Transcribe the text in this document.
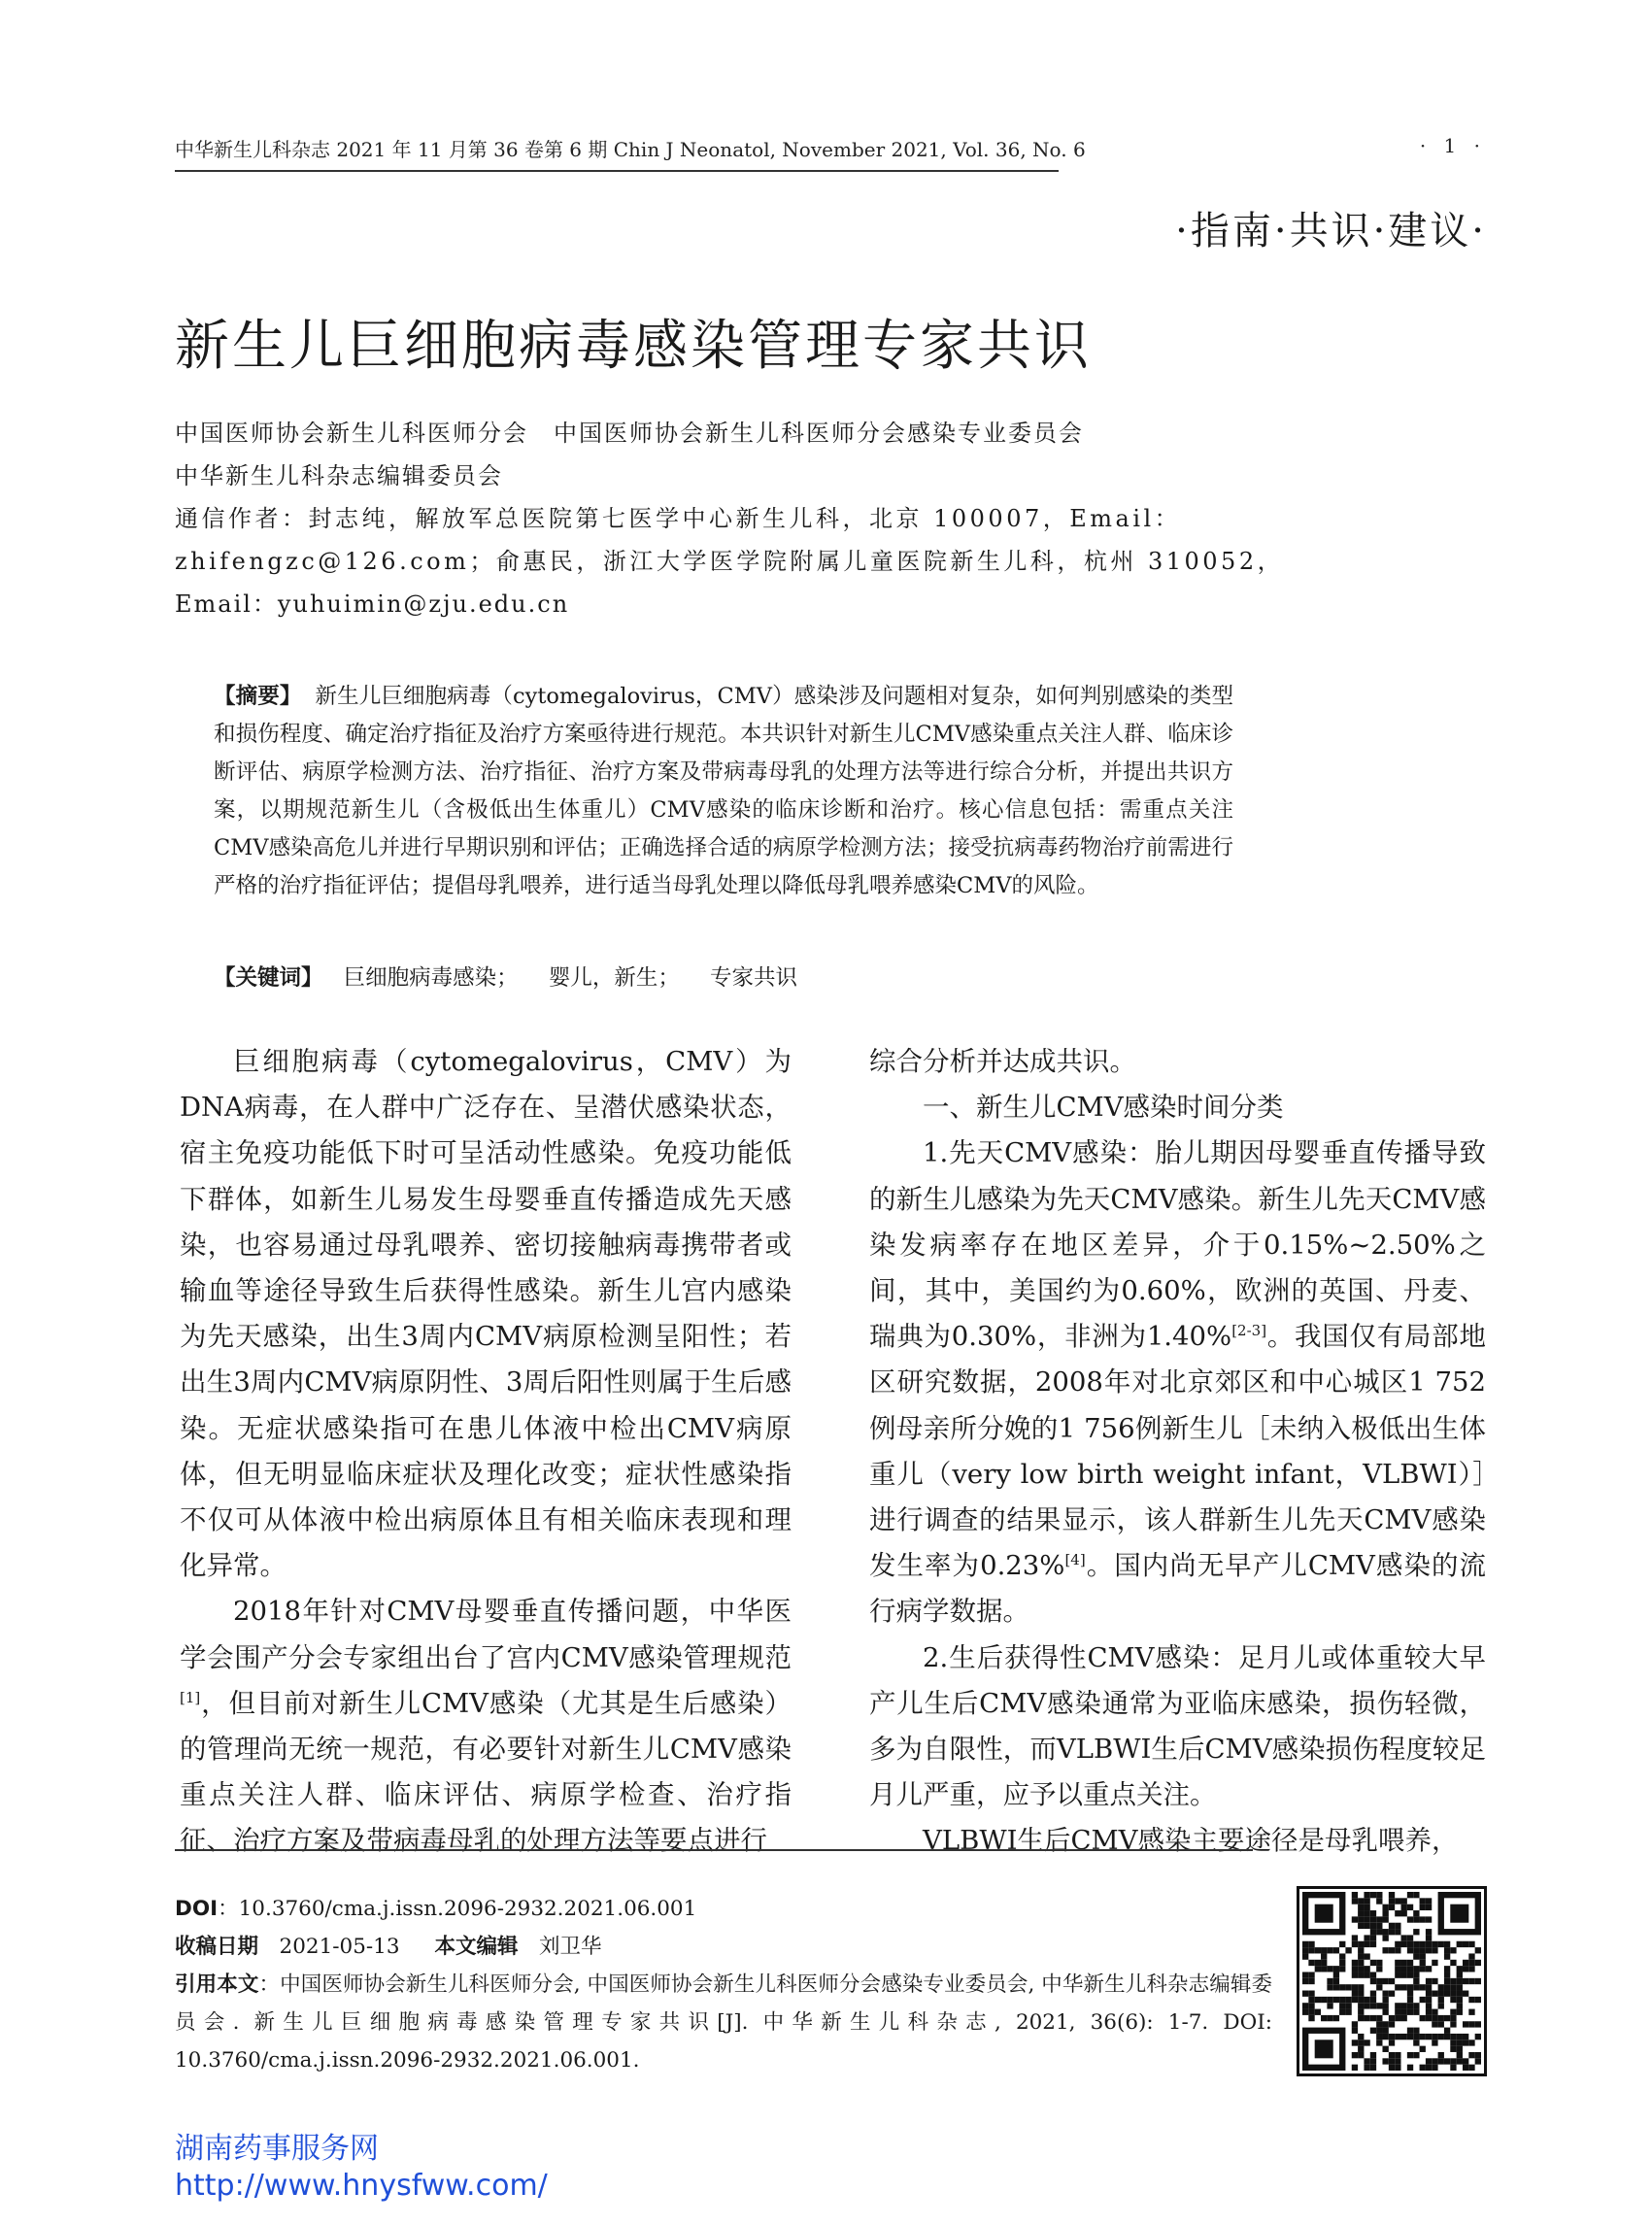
中华新生儿科杂志 2021 年 11 月第 36 卷第 6 期 Chin J Neonatol, November 2021, Vol. 36, No. 6	· 1 ·
·指南·共识·建议·
新生儿巨细胞病毒感染管理专家共识
中国医师协会新生儿科医师分会　中国医师协会新生儿科医师分会感染专业委员会
中华新生儿科杂志编辑委员会
通信作者：封志纯，解放军总医院第七医学中心新生儿科，北京 100007，Email：
zhifengzc@126.com；俞惠民，浙江大学医学院附属儿童医院新生儿科，杭州 310052，
Email：yuhuimin@zju.edu.cn
【摘要】 新生儿巨细胞病毒（cytomegalovirus，CMV）感染涉及问题相对复杂，如何判别感染的类型和损伤程度、确定治疗指征及治疗方案亟待进行规范。本共识针对新生儿CMV感染重点关注人群、临床诊断评估、病原学检测方法、治疗指征、治疗方案及带病毒母乳的处理方法等进行综合分析，并提出共识方案，以期规范新生儿（含极低出生体重儿）CMV感染的临床诊断和治疗。核心信息包括：需重点关注CMV感染高危儿并进行早期识别和评估；正确选择合适的病原学检测方法；接受抗病毒药物治疗前需进行严格的治疗指征评估；提倡母乳喂养，进行适当母乳处理以降低母乳喂养感染CMV的风险。
【关键词】 巨细胞病毒感染； 婴儿，新生； 专家共识

巨细胞病毒（cytomegalovirus，CMV）为DNA病毒，在人群中广泛存在、呈潜伏感染状态，宿主免疫功能低下时可呈活动性感染。免疫功能低下群体，如新生儿易发生母婴垂直传播造成先天感染，也容易通过母乳喂养、密切接触病毒携带者或输血等途径导致生后获得性感染。新生儿宫内感染为先天感染，出生3周内CMV病原检测呈阳性；若出生3周内CMV病原阴性、3周后阳性则属于生后感染。无症状感染指可在患儿体液中检出CMV病原体，但无明显临床症状及理化改变；症状性感染指不仅可从体液中检出病原体且有相关临床表现和理化异常。

2018年针对CMV母婴垂直传播问题，中华医学会围产分会专家组出台了宫内CMV感染管理规范[1]，但目前对新生儿CMV感染（尤其是生后感染）的管理尚无统一规范，有必要针对新生儿CMV感染重点关注人群、临床评估、病原学检查、治疗指征、治疗方案及带病毒母乳的处理方法等要点进行

综合分析并达成共识。

一、新生儿CMV感染时间分类

1.先天CMV感染：胎儿期因母婴垂直传播导致的新生儿感染为先天CMV感染。新生儿先天CMV感染发病率存在地区差异，介于0.15%~2.50%之间，其中，美国约为0.60%，欧洲的英国、丹麦、瑞典为0.30%，非洲为1.40%[2-3]。我国仅有局部地区研究数据，2008年对北京郊区和中心城区1 752例母亲所分娩的1 756例新生儿［未纳入极低出生体重儿（very low birth weight infant，VLBWI）］进行调查的结果显示，该人群新生儿先天CMV感染发生率为0.23%[4]。国内尚无早产儿CMV感染的流行病学数据。

2.生后获得性CMV感染：足月儿或体重较大早产儿生后CMV感染通常为亚临床感染，损伤轻微，多为自限性，而VLBWI生后CMV感染损伤程度较足月儿严重，应予以重点关注。

VLBWI生后CMV感染主要途径是母乳喂养，

DOI：10.3760/cma.j.issn.2096-2932.2021.06.001
收稿日期　 2021-05-13 本文编辑　 刘卫华
引用本文：中国医师协会新生儿科医师分会, 中国医师协会新生儿科医师分会感染专业委员会, 中华新生儿科杂志编辑委员会. 新生儿巨细胞病毒感染管理专家共识[J]. 中华新生儿科杂志, 2021, 36(6): 1-7. DOI: 10.3760/cma.j.issn.2096-2932.2021.06.001.
湖南药事服务网
http://www.hnysfww.com/
